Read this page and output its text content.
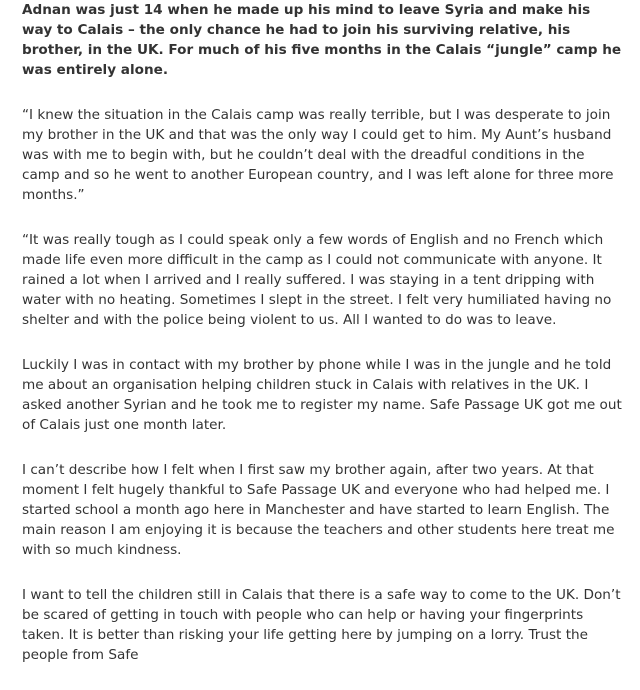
Adnan was just 14 when he made up his mind to leave Syria and make his way to Calais – the only chance he had to join his surviving relative, his brother, in the UK. For much of his five months in the Calais “jungle” camp he was entirely alone.

“I knew the situation in the Calais camp was really terrible, but I was desperate to join my brother in the UK and that was the only way I could get to him. My Aunt’s husband was with me to begin with, but he couldn’t deal with the dreadful conditions in the camp and so he went to another European country, and I was left alone for three more months.”

“It was really tough as I could speak only a few words of English and no French which made life even more difficult in the camp as I could not communicate with anyone. It rained a lot when I arrived and I really suffered. I was staying in a tent dripping with water with no heating. Sometimes I slept in the street. I felt very humiliated having no shelter and with the police being violent to us. All I wanted to do was to leave.

Luckily I was in contact with my brother by phone while I was in the jungle and he told me about an organisation helping children stuck in Calais with relatives in the UK. I asked another Syrian and he took me to register my name. Safe Passage UK got me out of Calais just one month later.

I can’t describe how I felt when I first saw my brother again, after two years. At that moment I felt hugely thankful to Safe Passage UK and everyone who had helped me. I started school a month ago here in Manchester and have started to learn English. The main reason I am enjoying it is because the teachers and other students here treat me with so much kindness.

I want to tell the children still in Calais that there is a safe way to come to the UK. Don’t be scared of getting in touch with people who can help or having your fingerprints taken. It is better than risking your life getting here by jumping on a lorry. Trust the people from Safe
